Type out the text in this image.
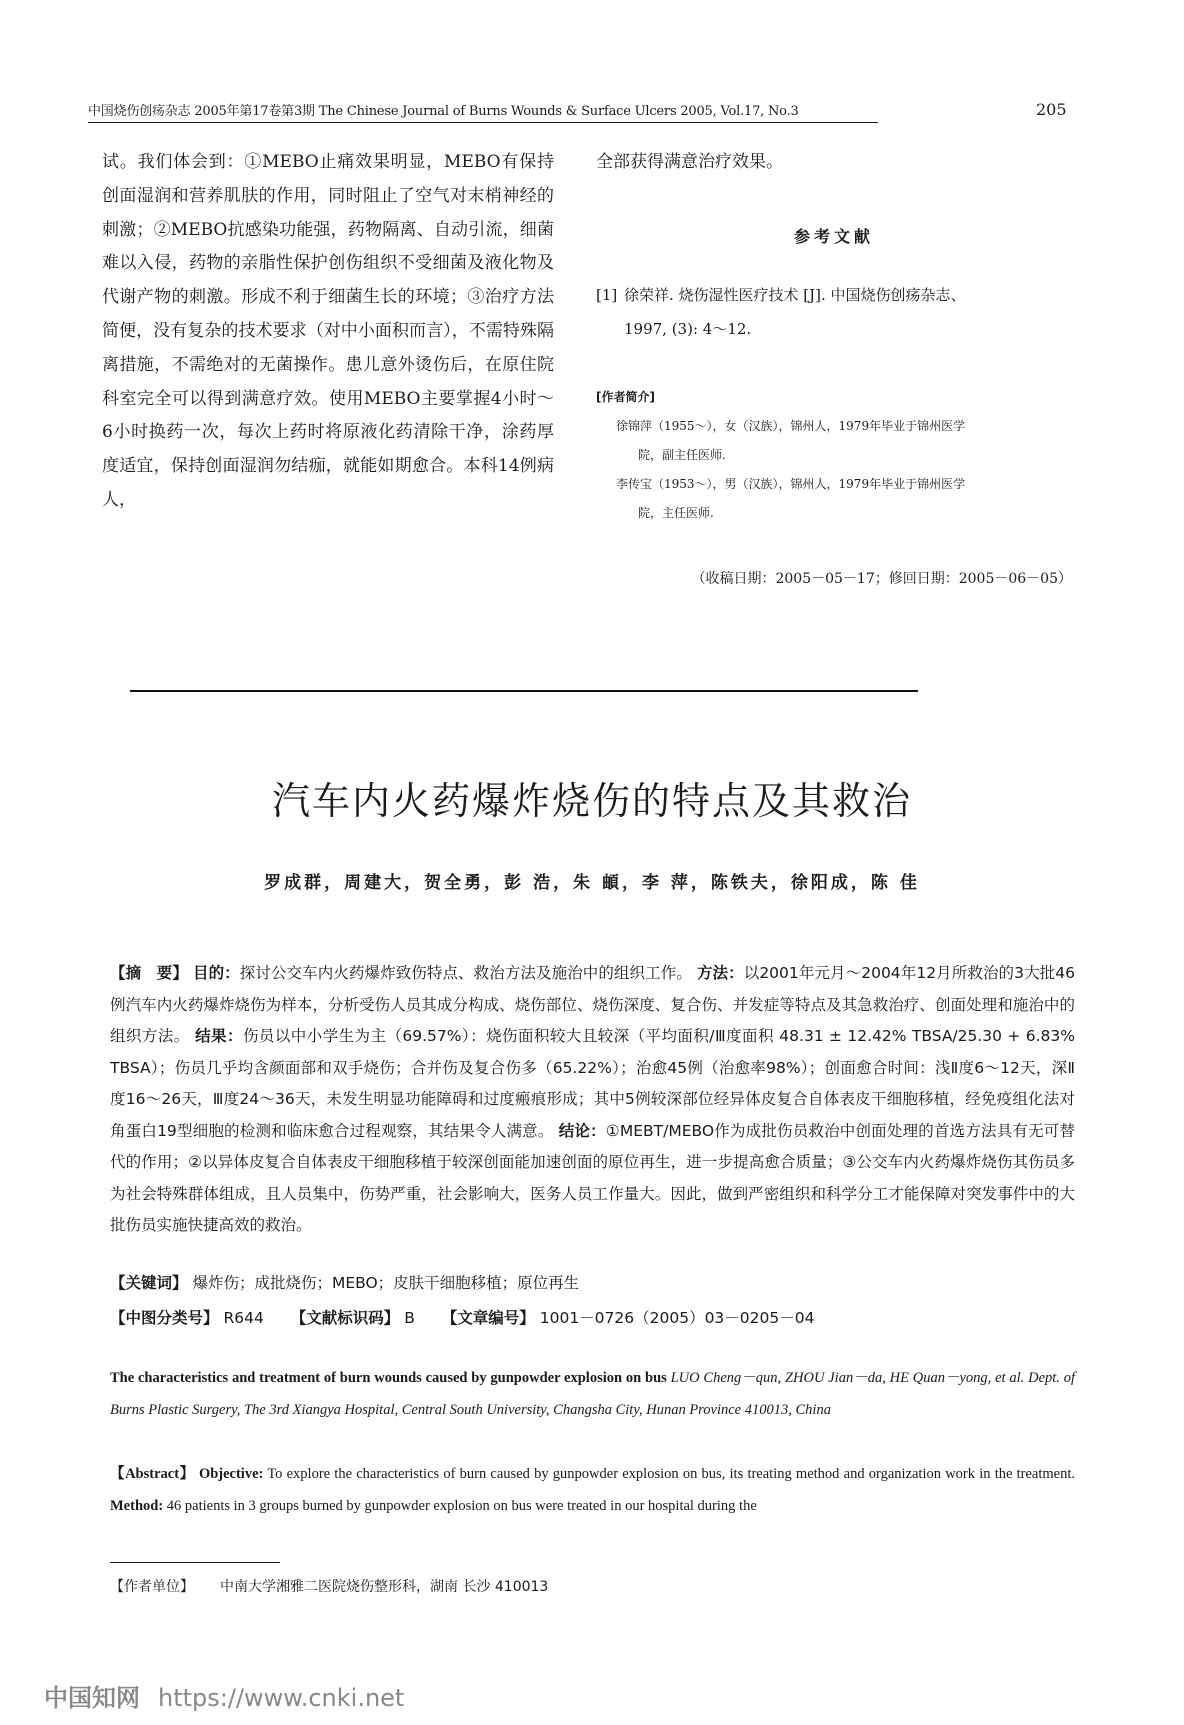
中国烧伤创疡杂志 2005年第17卷第3期 The Chinese Journal of Burns Wounds & Surface Ulcers 2005, Vol.17, No.3	205
试。我们体会到：①MEBO止痛效果明显，MEBO有保持创面湿润和营养肌肤的作用，同时阻止了空气对末梢神经的刺激；②MEBO抗感染功能强，药物隔离、自动引流，细菌难以入侵，药物的亲脂性保护创伤组织不受细菌及液化物及代谢产物的刺激。形成不利于细菌生长的环境；③治疗方法简便，没有复杂的技术要求（对中小面积而言），不需特殊隔离措施，不需绝对的无菌操作。患儿意外烫伤后，在原住院科室完全可以得到满意疗效。使用MEBO主要掌握4小时～6小时换药一次，每次上药时将原液化药清除干净，涂药厚度适宜，保持创面湿润勿结痂，就能如期愈合。本科14例病人，
全部获得满意治疗效果。
参考文献
[1] 徐荣祥. 烧伤湿性医疗技术 [J]. 中国烧伤创疡杂志、
1997, (3): 4～12.
[作者简介]

徐锦萍（1955～），女（汉族），锦州人，1979年毕业于锦州医学

院，副主任医师.

李传宝（1953～），男（汉族），锦州人，1979年毕业于锦州医学

院，主任医师.

（收稿日期：2005－05－17；修回日期：2005－06－05）
汽车内火药爆炸烧伤的特点及其救治
罗成群，周建大，贺全勇，彭 浩，朱 頔，李 萍，陈铁夫，徐阳成，陈 佳
【摘　要】 目的：探讨公交车内火药爆炸致伤特点、救治方法及施治中的组织工作。 方法：以2001年元月～2004年12月所救治的3大批46例汽车内火药爆炸烧伤为样本，分析受伤人员其成分构成、烧伤部位、烧伤深度、复合伤、并发症等特点及其急救治疗、创面处理和施治中的组织方法。 结果：伤员以中小学生为主（69.57%）：烧伤面积较大且较深（平均面积/Ⅲ度面积 48.31 ± 12.42% TBSA/25.30 + 6.83% TBSA）；伤员几乎均含颜面部和双手烧伤；合并伤及复合伤多（65.22%）；治愈45例（治愈率98%）；创面愈合时间：浅Ⅱ度6～12天，深Ⅱ度16～26天，Ⅲ度24～36天，未发生明显功能障碍和过度瘢痕形成；其中5例较深部位经异体皮复合自体表皮干细胞移植，经免疫组化法对角蛋白19型细胞的检测和临床愈合过程观察，其结果令人满意。 结论：①MEBT/MEBO作为成批伤员救治中创面处理的首选方法具有无可替代的作用；②以异体皮复合自体表皮干细胞移植于较深创面能加速创面的原位再生，进一步提高愈合质量；③公交车内火药爆炸烧伤其伤员多为社会特殊群体组成，且人员集中，伤势严重，社会影响大，医务人员工作量大。因此，做到严密组织和科学分工才能保障对突发事件中的大批伤员实施快捷高效的救治。
【关键词】 爆炸伤；成批烧伤；MEBO；皮肤干细胞移植；原位再生
【中图分类号】 R644 【文献标识码】 B 【文章编号】 1001－0726（2005）03－0205－04
The characteristics and treatment of burn wounds caused by gunpowder explosion on bus LUO Cheng－qun, ZHOU Jian－da, HE Quan－yong, et al. Dept. of Burns Plastic Surgery, The 3rd Xiangya Hospital, Central South University, Changsha City, Hunan Province 410013, China
【Abstract】 Objective: To explore the characteristics of burn caused by gunpowder explosion on bus, its treating method and organization work in the treatment. Method: 46 patients in 3 groups burned by gunpowder explosion on bus were treated in our hospital during the
【作者单位】 中南大学湘雅二医院烧伤整形科，湖南 长沙 410013
中国知网 https://www.cnki.net
